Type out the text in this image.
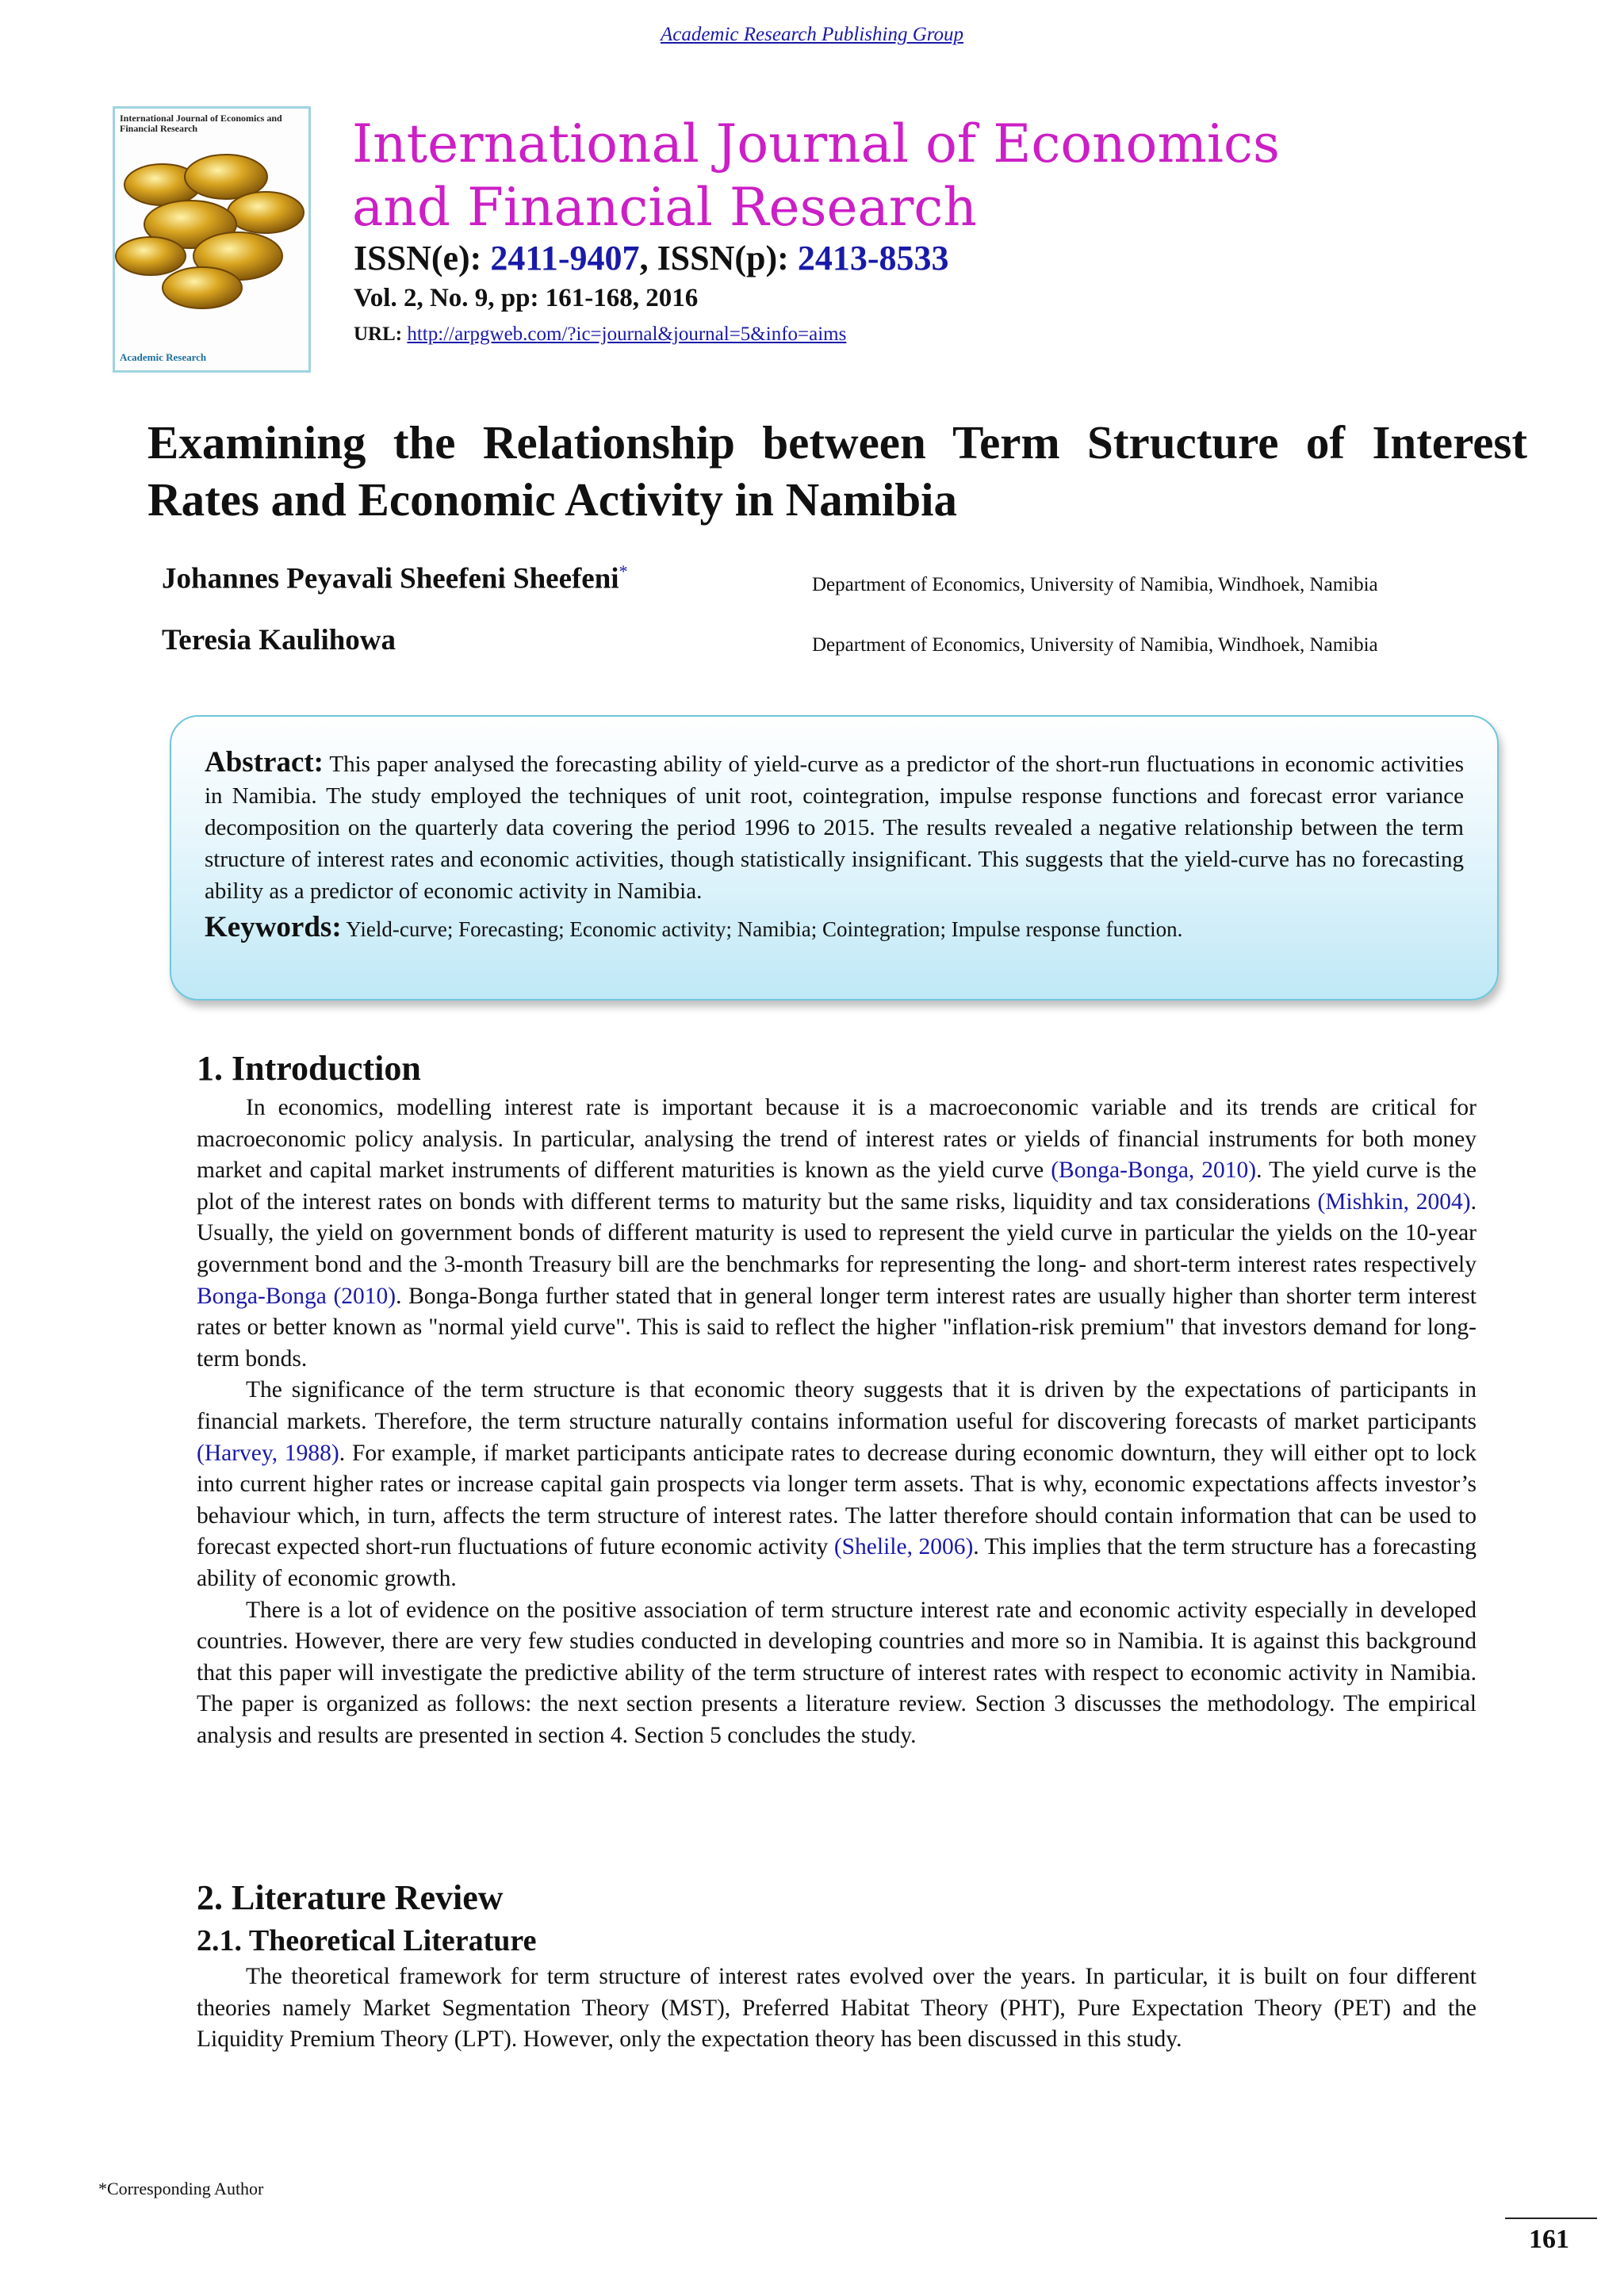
Academic Research Publishing Group
International Journal of Economics and Financial Research
Academic Research
International Journal of Economics
and Financial Research
ISSN(e): 2411-9407, ISSN(p): 2413-8533
Vol. 2, No. 9, pp: 161-168, 2016
URL: http://arpgweb.com/?ic=journal&journal=5&info=aims
Examining the Relationship between Term Structure of Interest Rates and Economic Activity in Namibia
Johannes Peyavali Sheefeni Sheefeni*
Department of Economics, University of Namibia, Windhoek, Namibia
Teresia Kaulihowa	Department of Economics, University of Namibia, Windhoek, Namibia
Abstract: This paper analysed the forecasting ability of yield-curve as a predictor of the short-run fluctuations in economic activities in Namibia. The study employed the techniques of unit root, cointegration, impulse response functions and forecast error variance decomposition on the quarterly data covering the period 1996 to 2015. The results revealed a negative relationship between the term structure of interest rates and economic activities, though statistically insignificant. This suggests that the yield-curve has no forecasting ability as a predictor of economic activity in Namibia.
Keywords: Yield-curve; Forecasting; Economic activity; Namibia; Cointegration; Impulse response function.
1. Introduction

In economics, modelling interest rate is important because it is a macroeconomic variable and its trends are critical for macroeconomic policy analysis. In particular, analysing the trend of interest rates or yields of financial instruments for both money market and capital market instruments of different maturities is known as the yield curve (Bonga-Bonga, 2010). The yield curve is the plot of the interest rates on bonds with different terms to maturity but the same risks, liquidity and tax considerations (Mishkin, 2004). Usually, the yield on government bonds of different maturity is used to represent the yield curve in particular the yields on the 10-year government bond and the 3-month Treasury bill are the benchmarks for representing the long- and short-term interest rates respectively Bonga-Bonga (2010). Bonga-Bonga further stated that in general longer term interest rates are usually higher than shorter term interest rates or better known as "normal yield curve". This is said to reflect the higher "inflation-risk premium" that investors demand for long-term bonds.

The significance of the term structure is that economic theory suggests that it is driven by the expectations of participants in financial markets. Therefore, the term structure naturally contains information useful for discovering forecasts of market participants (Harvey, 1988). For example, if market participants anticipate rates to decrease during economic downturn, they will either opt to lock into current higher rates or increase capital gain prospects via longer term assets. That is why, economic expectations affects investor’s behaviour which, in turn, affects the term structure of interest rates. The latter therefore should contain information that can be used to forecast expected short-run fluctuations of future economic activity (Shelile, 2006). This implies that the term structure has a forecasting ability of economic growth.

There is a lot of evidence on the positive association of term structure interest rate and economic activity especially in developed countries. However, there are very few studies conducted in developing countries and more so in Namibia. It is against this background that this paper will investigate the predictive ability of the term structure of interest rates with respect to economic activity in Namibia. The paper is organized as follows: the next section presents a literature review. Section 3 discusses the methodology. The empirical analysis and results are presented in section 4. Section 5 concludes the study.

2. Literature Review
2.1. Theoretical Literature

The theoretical framework for term structure of interest rates evolved over the years. In particular, it is built on four different theories namely Market Segmentation Theory (MST), Preferred Habitat Theory (PHT), Pure Expectation Theory (PET) and the Liquidity Premium Theory (LPT). However, only the expectation theory has been discussed in this study.

*Corresponding Author
161
